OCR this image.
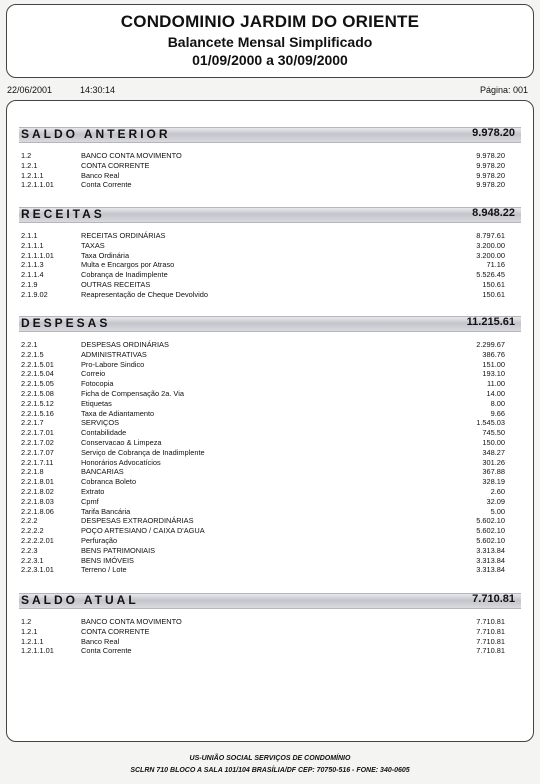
CONDOMINIO JARDIM DO ORIENTE
Balancete Mensal Simplificado
01/09/2000 a 30/09/2000
22/06/2001	14:30:14	Página: 001
SALDO ANTERIOR	9.978.20
1.2	BANCO CONTA MOVIMENTO	9.978.20
1.2.1	CONTA CORRENTE	9.978.20
1.2.1.1	Banco Real	9.978.20
1.2.1.1.01	Conta Corrente	9.978.20
RECEITAS	8.948.22
2.1.1	RECEITAS ORDINÁRIAS	8.797.61
2.1.1.1	TAXAS	3.200.00
2.1.1.1.01	Taxa Ordinária	3.200.00
2.1.1.3	Multa e Encargos por Atraso	71.16
2.1.1.4	Cobrança de Inadimplente	5.526.45
2.1.9	OUTRAS RECEITAS	150.61
2.1.9.02	Reapresentação de Cheque Devolvido	150.61
DESPESAS	11.215.61
2.2.1	DESPESAS ORDINÁRIAS	2.299.67
2.2.1.5	ADMINISTRATIVAS	386.76
2.2.1.5.01	Pro-Labore Sindico	151.00
2.2.1.5.04	Correio	193.10
2.2.1.5.05	Fotocopia	11.00
2.2.1.5.08	Ficha de Compensação 2a. Via	14.00
2.2.1.5.12	Etiquetas	8.00
2.2.1.5.16	Taxa de Adiantamento	9.66
2.2.1.7	SERVIÇOS	1.545.03
2.2.1.7.01	Contabilidade	745.50
2.2.1.7.02	Conservacao & Limpeza	150.00
2.2.1.7.07	Serviço de Cobrança de Inadimplente	348.27
2.2.1.7.11	Honorários Advocatícios	301.26
2.2.1.8	BANCARIAS	367.88
2.2.1.8.01	Cobranca Boleto	328.19
2.2.1.8.02	Extrato	2.60
2.2.1.8.03	Cpmf	32.09
2.2.1.8.06	Tarifa Bancária	5.00
2.2.2	DESPESAS EXTRAORDINÁRIAS	5.602.10
2.2.2.2	POÇO ARTESIANO / CAIXA D'AGUA	5.602.10
2.2.2.2.01	Perfuração	5.602.10
2.2.3	BENS PATRIMONIAIS	3.313.84
2.2.3.1	BENS IMÓVEIS	3.313.84
2.2.3.1.01	Terreno / Lote	3.313.84
SALDO ATUAL	7.710.81
1.2	BANCO CONTA MOVIMENTO	7.710.81
1.2.1	CONTA CORRENTE	7.710.81
1.2.1.1	Banco Real	7.710.81
1.2.1.1.01	Conta Corrente	7.710.81
US-UNIÃO SOCIAL SERVIÇOS DE CONDOMÍNIO
SCLRN 710 BLOCO A SALA 101/104 BRASÍLIA/DF CEP: 70750-516 - FONE: 340-0605
